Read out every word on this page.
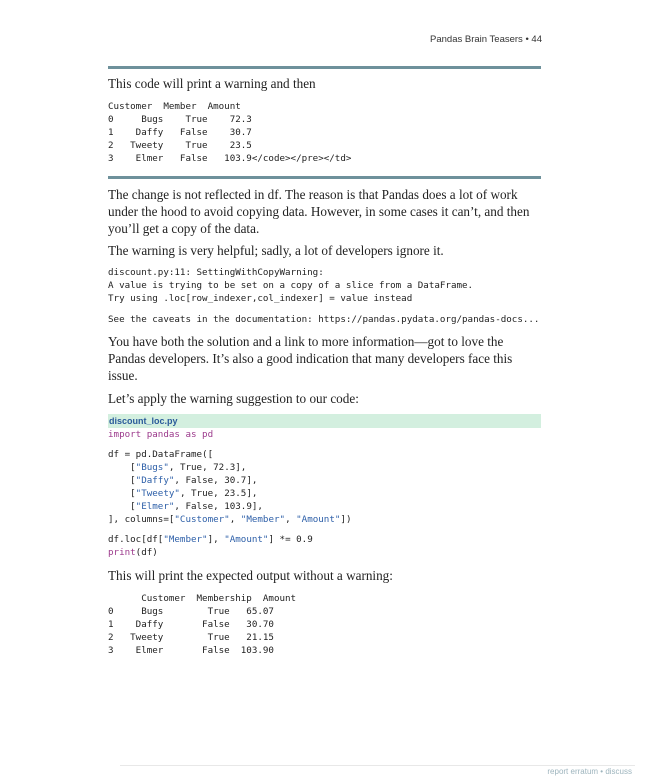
Pandas Brain Teasers • 44
This code will print a warning and then
Customer  Member  Amount
0     Bugs    True    72.3
1    Daffy   False    30.7
2   Tweety    True    23.5
3    Elmer   False   103.9</code></pre></td>
The change is not reflected in df. The reason is that Pandas does a lot of work under the hood to avoid copying data. However, in some cases it can’t, and then you’ll get a copy of the data.
The warning is very helpful; sadly, a lot of developers ignore it.
discount.py:11: SettingWithCopyWarning:
A value is trying to be set on a copy of a slice from a DataFrame.
Try using .loc[row_indexer,col_indexer] = value instead
See the caveats in the documentation: https://pandas.pydata.org/pandas-docs...
You have both the solution and a link to more information—got to love the Pandas developers. It’s also a good indication that many developers face this issue.
Let’s apply the warning suggestion to our code:
discount_loc.py
import pandas as pd
df = pd.DataFrame([
["Bugs", True, 72.3],
["Daffy", False, 30.7],
["Tweety", True, 23.5],
["Elmer", False, 103.9],
], columns=["Customer", "Member", "Amount"])
df.loc[df["Member"], "Amount"] *= 0.9
print(df)
This will print the expected output without a warning:
Customer  Membership  Amount
0     Bugs        True   65.07
1    Daffy       False   30.70
2   Tweety        True   21.15
3    Elmer       False  103.90
report erratum • discuss
